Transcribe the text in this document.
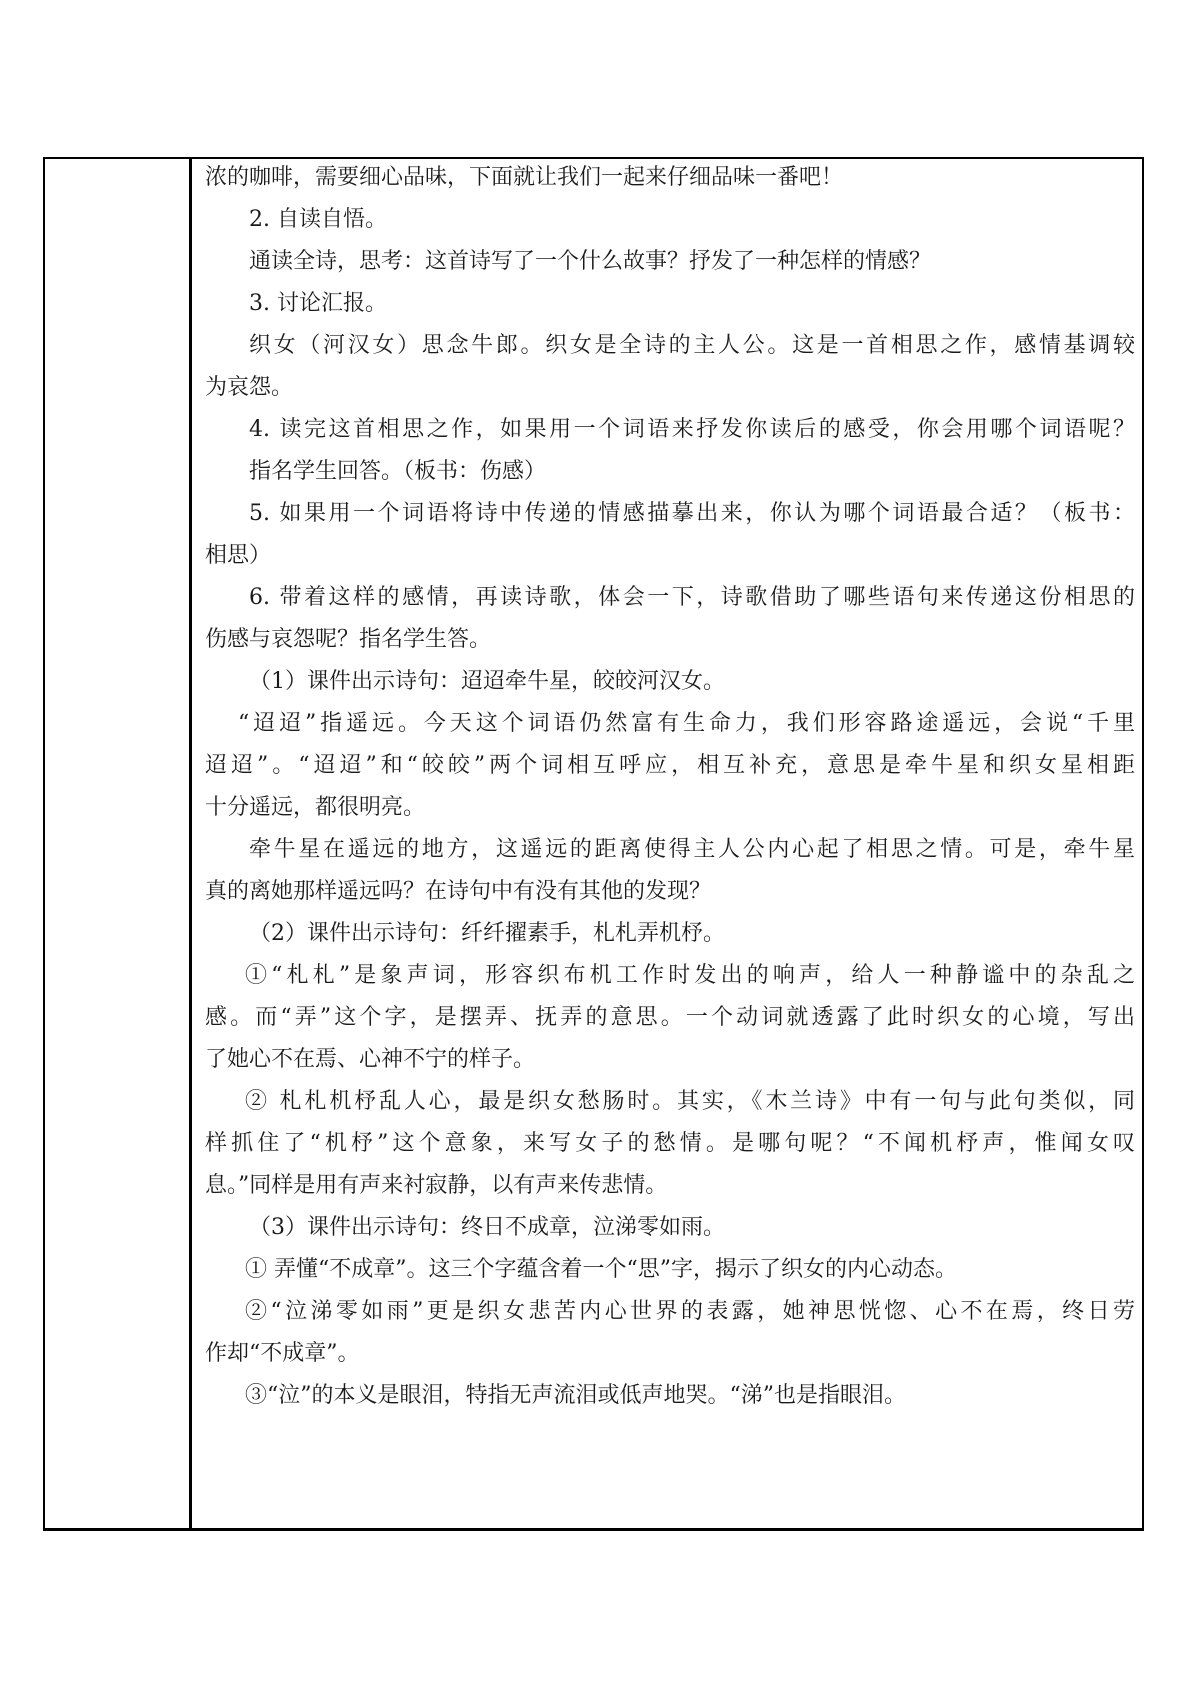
浓的咖啡，需要细心品味，下面就让我们一起来仔细品味一番吧！
2. 自读自悟。
通读全诗，思考：这首诗写了一个什么故事？抒发了一种怎样的情感？
3. 讨论汇报。
织女（河汉女）思念牛郎。织女是全诗的主人公。这是一首相思之作，感情基调较
为哀怨。
4. 读完这首相思之作，如果用一个词语来抒发你读后的感受，你会用哪个词语呢？
指名学生回答。（板书：伤感）
5. 如果用一个词语将诗中传递的情感描摹出来，你认为哪个词语最合适？（板书：
相思）
6. 带着这样的感情，再读诗歌，体会一下，诗歌借助了哪些语句来传递这份相思的
伤感与哀怨呢？指名学生答。
（1）课件出示诗句：迢迢牵牛星，皎皎河汉女。
“迢迢”指遥远。今天这个词语仍然富有生命力，我们形容路途遥远，会说“千里
迢迢”。“迢迢”和“皎皎”两个词相互呼应，相互补充，意思是牵牛星和织女星相距
十分遥远，都很明亮。
牵牛星在遥远的地方，这遥远的距离使得主人公内心起了相思之情。可是，牵牛星
真的离她那样遥远吗？在诗句中有没有其他的发现？
（2）课件出示诗句：纤纤擢素手，札札弄机杼。
①“札札”是象声词，形容织布机工作时发出的响声，给人一种静谧中的杂乱之
感。而“弄”这个字，是摆弄、抚弄的意思。一个动词就透露了此时织女的心境，写出
了她心不在焉、心神不宁的样子。
② 札札机杼乱人心，最是织女愁肠时。其实，《木兰诗》中有一句与此句类似，同
样抓住了“机杼”这个意象，来写女子的愁情。是哪句呢？“不闻机杼声，惟闻女叹
息。”同样是用有声来衬寂静，以有声来传悲情。
（3）课件出示诗句：终日不成章，泣涕零如雨。
① 弄懂“不成章”。这三个字蕴含着一个“思”字，揭示了织女的内心动态。
②“泣涕零如雨”更是织女悲苦内心世界的表露，她神思恍惚、心不在焉，终日劳
作却“不成章”。
③“泣”的本义是眼泪，特指无声流泪或低声地哭。“涕”也是指眼泪。
